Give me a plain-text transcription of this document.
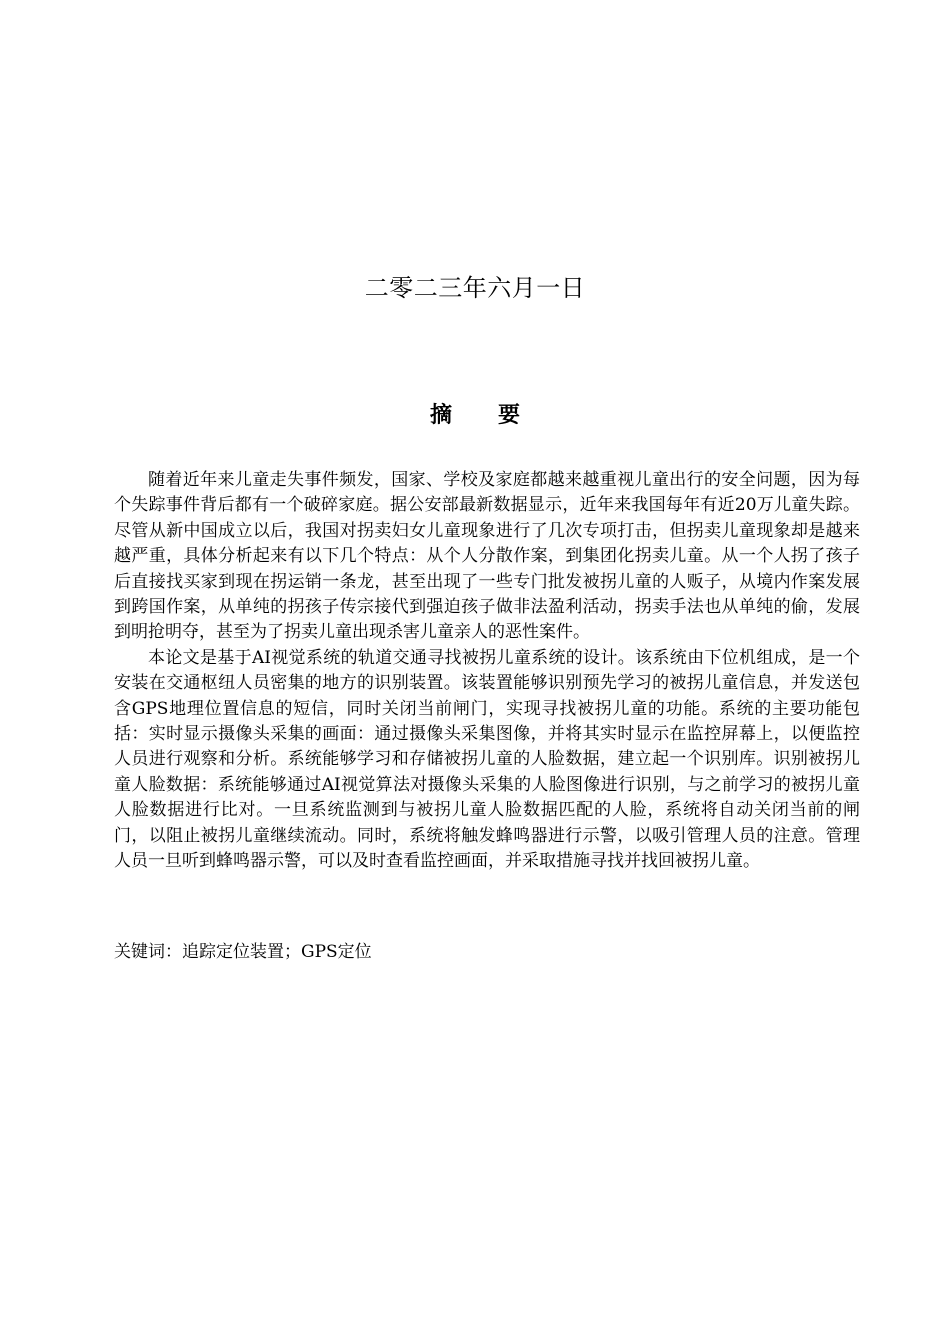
二零二三年六月一日
摘 要

随着近年来儿童走失事件频发，国家、学校及家庭都越来越重视儿童出行的安全问题，因为每个失踪事件背后都有一个破碎家庭。据公安部最新数据显示，近年来我国每年有近20万儿童失踪。尽管从新中国成立以后，我国对拐卖妇女儿童现象进行了几次专项打击，但拐卖儿童现象却是越来越严重，具体分析起来有以下几个特点：从个人分散作案，到集团化拐卖儿童。从一个人拐了孩子后直接找买家到现在拐运销一条龙，甚至出现了一些专门批发被拐儿童的人贩子，从境内作案发展到跨国作案，从单纯的拐孩子传宗接代到强迫孩子做非法盈利活动，拐卖手法也从单纯的偷，发展到明抢明夺，甚至为了拐卖儿童出现杀害儿童亲人的恶性案件。

本论文是基于AI视觉系统的轨道交通寻找被拐儿童系统的设计。该系统由下位机组成，是一个安装在交通枢纽人员密集的地方的识别装置。该装置能够识别预先学习的被拐儿童信息，并发送包含GPS地理位置信息的短信，同时关闭当前闸门，实现寻找被拐儿童的功能。系统的主要功能包括：实时显示摄像头采集的画面：通过摄像头采集图像，并将其实时显示在监控屏幕上，以便监控人员进行观察和分析。系统能够学习和存储被拐儿童的人脸数据，建立起一个识别库。识别被拐儿童人脸数据：系统能够通过AI视觉算法对摄像头采集的人脸图像进行识别，与之前学习的被拐儿童人脸数据进行比对。一旦系统监测到与被拐儿童人脸数据匹配的人脸，系统将自动关闭当前的闸门，以阻止被拐儿童继续流动。同时，系统将触发蜂鸣器进行示警，以吸引管理人员的注意。管理人员一旦听到蜂鸣器示警，可以及时查看监控画面，并采取措施寻找并找回被拐儿童。

关键词：追踪定位装置；GPS定位
